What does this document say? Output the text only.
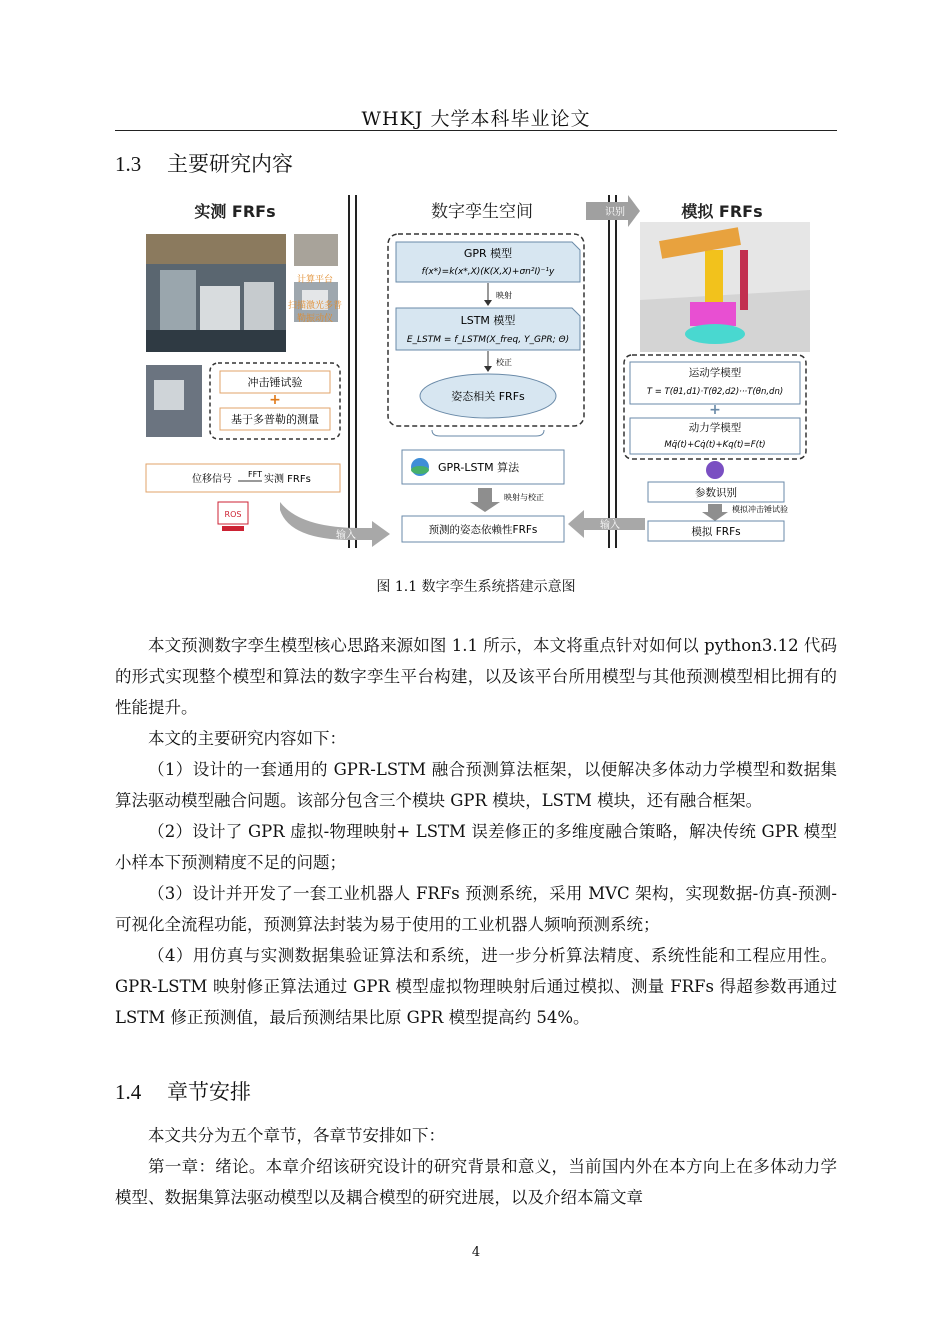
WHKJ 大学本科毕业论文
1.3 主要研究内容
实测 FRFs	数字孪生空间	模拟 FRFs
识别
计算平台
扫描激光多普
勒振动仪
冲击锤试验
+
基于多普勒的测量
位移信号 FFT 实测 FRFs
ROS
输入
GPR 模型
f(x*)=k(x*,X)(K(X,X)+σn²I)⁻¹y
映射
LSTM 模型
E_LSTM = f_LSTM(X_freq, Y_GPR; Θ)
校正
姿态相关 FRFs
GPR-LSTM 算法
映射与校正
预测的姿态依赖性FRFs	输入
运动学模型
T = T(θ1,d1)·T(θ2,d2)···T(θn,dn)
+
动力学模型
Mq̈(t)+Cq̇(t)+Kq(t)=F(t)
参数识别
模拟冲击锤试验
模拟 FRFs
图 1.1 数字孪生系统搭建示意图

本文预测数字孪生模型核心思路来源如图 1.1 所示，本文将重点针对如何以 python3.12 代码的形式实现整个模型和算法的数字孪生平台构建，以及该平台所用模型与其他预测模型相比拥有的性能提升。

本文的主要研究内容如下：

（1）设计的一套通用的 GPR-LSTM 融合预测算法框架，以便解决多体动力学模型和数据集算法驱动模型融合问题。该部分包含三个模块 GPR 模块，LSTM 模块，还有融合框架。

（2）设计了 GPR 虚拟-物理映射+ LSTM 误差修正的多维度融合策略，解决传统 GPR 模型小样本下预测精度不足的问题；

（3）设计并开发了一套工业机器人 FRFs 预测系统，采用 MVC 架构，实现数据-仿真-预测-可视化全流程功能，预测算法封装为易于使用的工业机器人频响预测系统；

（4）用仿真与实测数据集验证算法和系统，进一步分析算法精度、系统性能和工程应用性。GPR-LSTM 映射修正算法通过 GPR 模型虚拟物理映射后通过模拟、测量 FRFs 得超参数再通过 LSTM 修正预测值，最后预测结果比原 GPR 模型提高约 54%。

1.4 章节安排

本文共分为五个章节，各章节安排如下：

第一章：绪论。本章介绍该研究设计的研究背景和意义，当前国内外在本方向上在多体动力学模型、数据集算法驱动模型以及耦合模型的研究进展，以及介绍本篇文章

4
